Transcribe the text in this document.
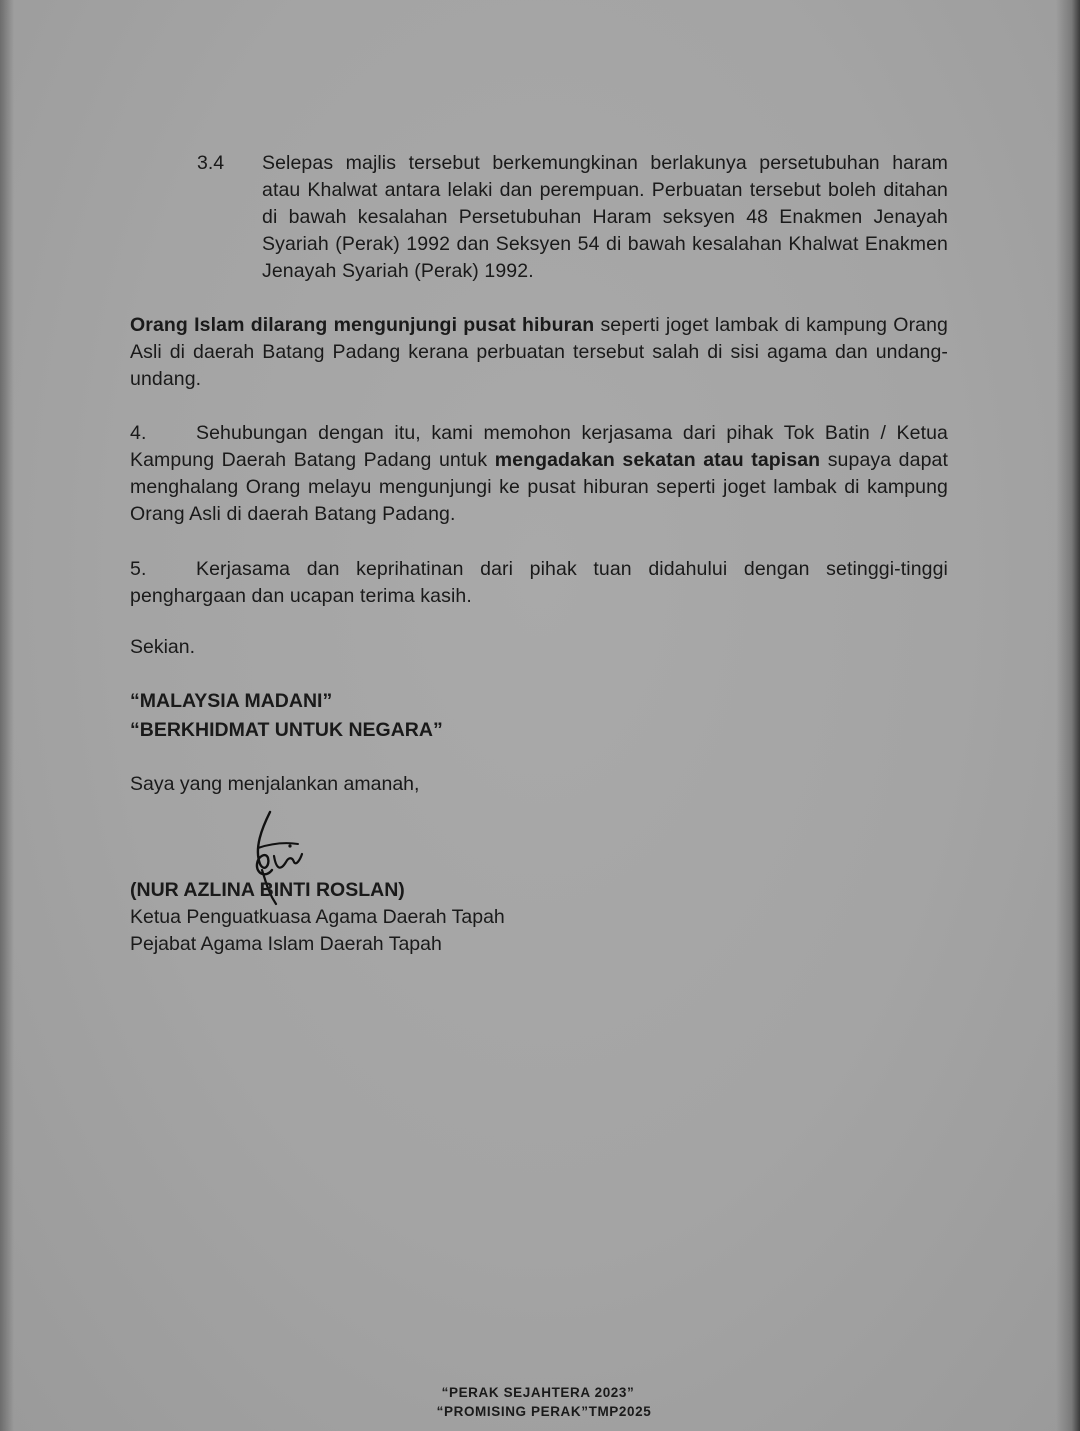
3.4 Selepas majlis tersebut berkemungkinan berlakunya persetubuhan haram atau Khalwat antara lelaki dan perempuan. Perbuatan tersebut boleh ditahan di bawah kesalahan Persetubuhan Haram seksyen 48 Enakmen Jenayah Syariah (Perak) 1992 dan Seksyen 54 di bawah kesalahan Khalwat Enakmen Jenayah Syariah (Perak) 1992.
Orang Islam dilarang mengunjungi pusat hiburan seperti joget lambak di kampung Orang Asli di daerah Batang Padang kerana perbuatan tersebut salah di sisi agama dan undang-undang.
4.	Sehubungan dengan itu, kami memohon kerjasama dari pihak Tok Batin / Ketua Kampung Daerah Batang Padang untuk mengadakan sekatan atau tapisan supaya dapat menghalang Orang melayu mengunjungi ke pusat hiburan seperti joget lambak di kampung Orang Asli di daerah Batang Padang.
5.	Kerjasama dan keprihatinan dari pihak tuan didahului dengan setinggi-tinggi penghargaan dan ucapan terima kasih.
Sekian.
“MALAYSIA MADANI”
“BERKHIDMAT UNTUK NEGARA”
Saya yang menjalankan amanah,
(NUR AZLINA BINTI ROSLAN)
Ketua Penguatkuasa Agama Daerah Tapah
Pejabat Agama Islam Daerah Tapah
“PERAK SEJAHTERA 2023”
“PROMISING PERAK”TMP2025
